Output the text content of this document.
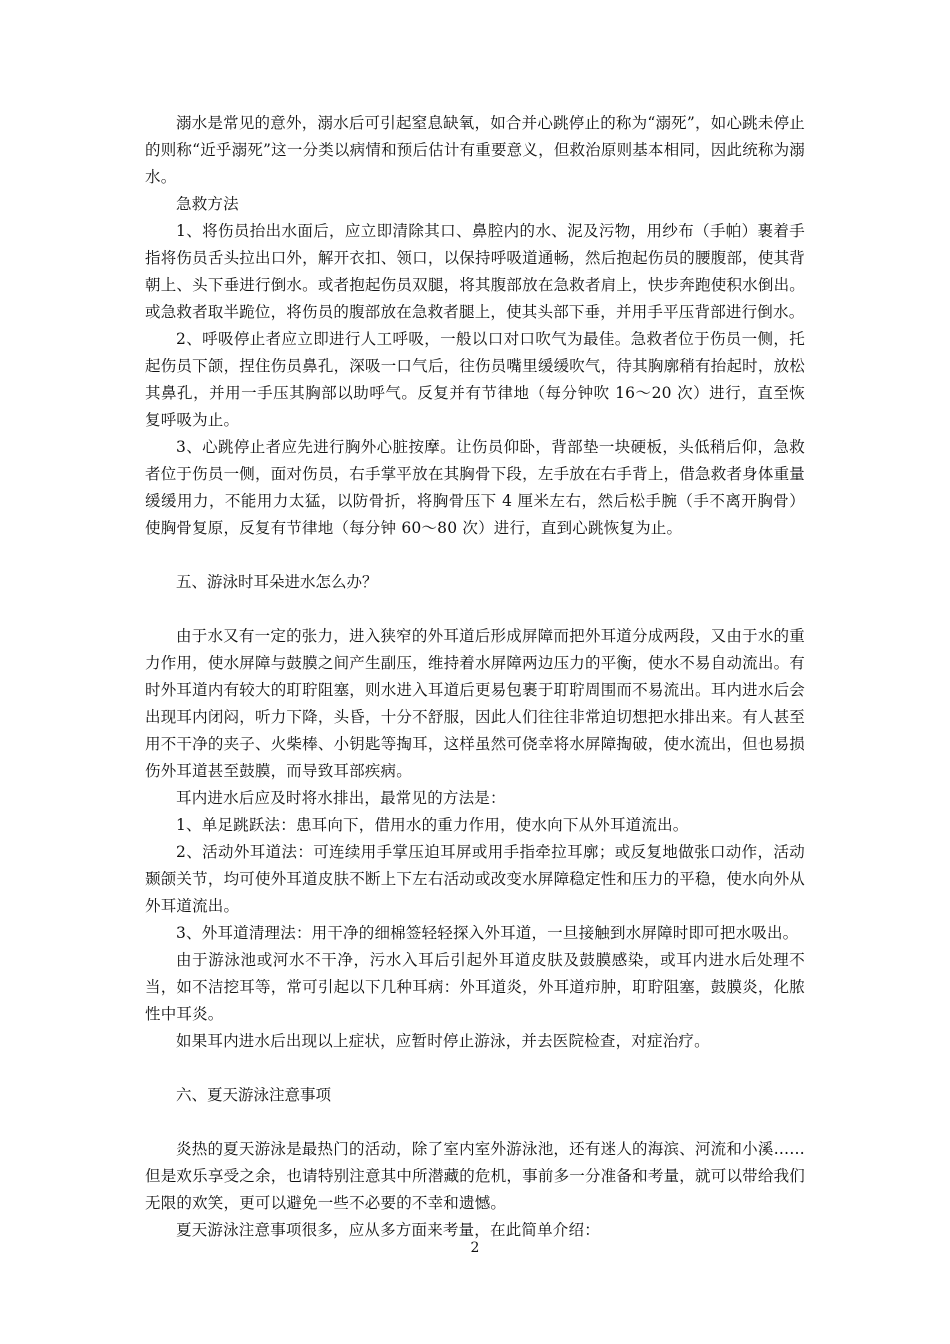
溺水是常见的意外，溺水后可引起窒息缺氧，如合并心跳停止的称为“溺死”，如心跳未停止的则称“近乎溺死”这一分类以病情和预后估计有重要意义，但救治原则基本相同，因此统称为溺水。

急救方法

1、将伤员抬出水面后，应立即清除其口、鼻腔内的水、泥及污物，用纱布（手帕）裹着手指将伤员舌头拉出口外，解开衣扣、领口，以保持呼吸道通畅，然后抱起伤员的腰腹部，使其背朝上、头下垂进行倒水。或者抱起伤员双腿，将其腹部放在急救者肩上，快步奔跑使积水倒出。或急救者取半跪位，将伤员的腹部放在急救者腿上，使其头部下垂，并用手平压背部进行倒水。

2、呼吸停止者应立即进行人工呼吸，一般以口对口吹气为最佳。急救者位于伤员一侧，托起伤员下颌，捏住伤员鼻孔，深吸一口气后，往伤员嘴里缓缓吹气，待其胸廓稍有抬起时，放松其鼻孔，并用一手压其胸部以助呼气。反复并有节律地（每分钟吹 16～20 次）进行，直至恢复呼吸为止。

3、心跳停止者应先进行胸外心脏按摩。让伤员仰卧，背部垫一块硬板，头低稍后仰，急救者位于伤员一侧，面对伤员，右手掌平放在其胸骨下段，左手放在右手背上，借急救者身体重量缓缓用力，不能用力太猛，以防骨折，将胸骨压下 4 厘米左右，然后松手腕（手不离开胸骨）使胸骨复原，反复有节律地（每分钟 60～80 次）进行，直到心跳恢复为止。

五、游泳时耳朵进水怎么办？

由于水又有一定的张力，进入狭窄的外耳道后形成屏障而把外耳道分成两段，又由于水的重力作用，使水屏障与鼓膜之间产生副压，维持着水屏障两边压力的平衡，使水不易自动流出。有时外耳道内有较大的耵聍阻塞，则水进入耳道后更易包裹于耵聍周围而不易流出。耳内进水后会出现耳内闭闷，听力下降，头昏，十分不舒服，因此人们往往非常迫切想把水排出来。有人甚至用不干净的夹子、火柴棒、小钥匙等掏耳，这样虽然可侥幸将水屏障掏破，使水流出，但也易损伤外耳道甚至鼓膜，而导致耳部疾病。

耳内进水后应及时将水排出，最常见的方法是：

1、单足跳跃法：患耳向下，借用水的重力作用，使水向下从外耳道流出。

2、活动外耳道法：可连续用手掌压迫耳屏或用手指牵拉耳廓；或反复地做张口动作，活动颞颌关节，均可使外耳道皮肤不断上下左右活动或改变水屏障稳定性和压力的平稳，使水向外从外耳道流出。

3、外耳道清理法：用干净的细棉签轻轻探入外耳道，一旦接触到水屏障时即可把水吸出。

由于游泳池或河水不干净，污水入耳后引起外耳道皮肤及鼓膜感染，或耳内进水后处理不当，如不洁挖耳等，常可引起以下几种耳病：外耳道炎，外耳道疖肿，耵聍阻塞，鼓膜炎，化脓性中耳炎。

如果耳内进水后出现以上症状，应暂时停止游泳，并去医院检查，对症治疗。

六、夏天游泳注意事项

炎热的夏天游泳是最热门的活动，除了室内室外游泳池，还有迷人的海滨、河流和小溪……但是欢乐享受之余，也请特别注意其中所潜藏的危机，事前多一分准备和考量，就可以带给我们无限的欢笑，更可以避免一些不必要的不幸和遗憾。

夏天游泳注意事项很多，应从多方面来考量，在此简单介绍：

2
